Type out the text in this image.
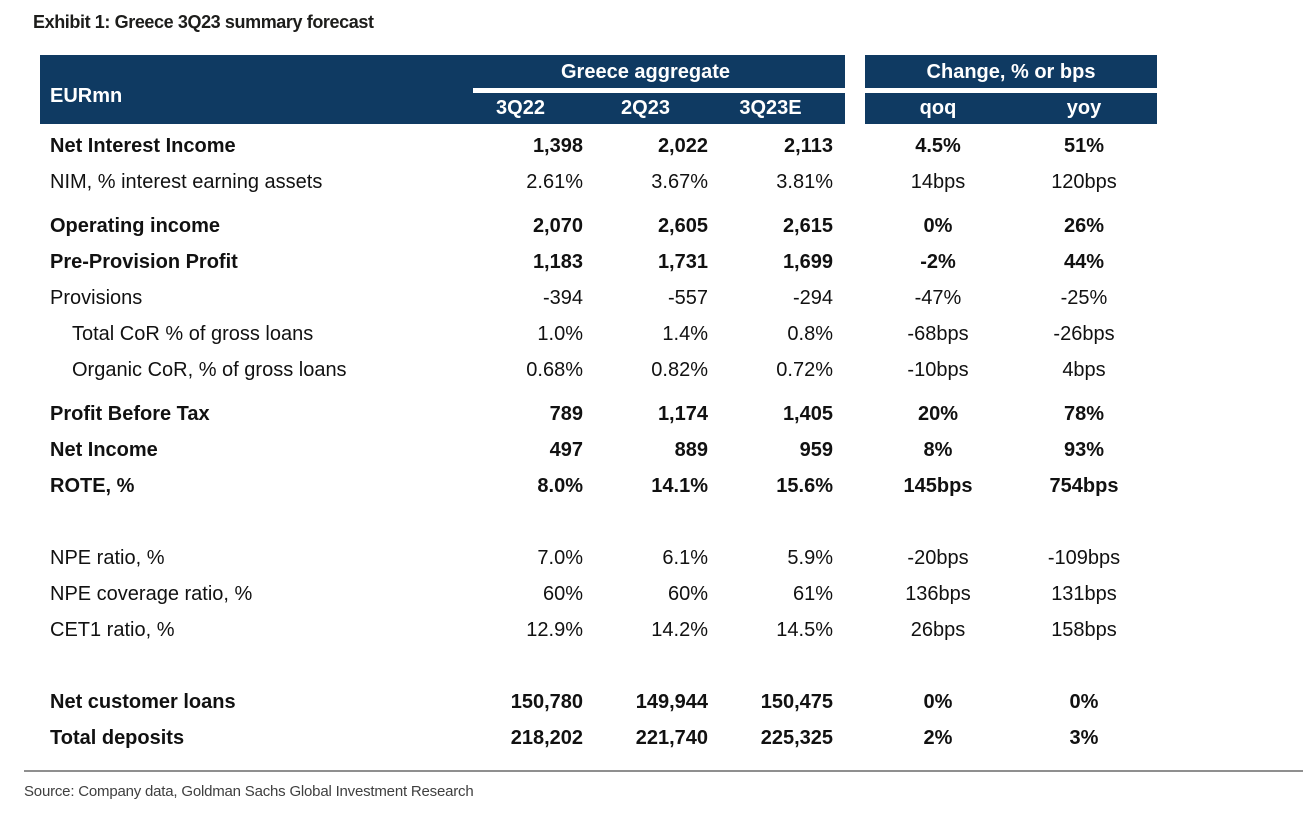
Exhibit 1: Greece 3Q23 summary forecast
EURmn
Greece aggregate
3Q22	2Q23	3Q23E
Change, % or bps
qoq	yoy
Net Interest Income	1,398	2,022	2,113	4.5%	51%
NIM, % interest earning assets	2.61%	3.67%	3.81%	14bps	120bps
Operating income	2,070	2,605	2,615	0%	26%
Pre-Provision Profit	1,183	1,731	1,699	-2%	44%
Provisions	-394	-557	-294	-47%	-25%
Total CoR % of gross loans	1.0%	1.4%	0.8%	-68bps	-26bps
Organic CoR, % of gross loans	0.68%	0.82%	0.72%	-10bps	4bps
Profit Before Tax	789	1,174	1,405	20%	78%
Net Income	497	889	959	8%	93%
ROTE, %	8.0%	14.1%	15.6%	145bps	754bps
NPE ratio, %	7.0%	6.1%	5.9%	-20bps	-109bps
NPE coverage ratio, %	60%	60%	61%	136bps	131bps
CET1 ratio, %	12.9%	14.2%	14.5%	26bps	158bps
Net customer loans	150,780	149,944	150,475	0%	0%
Total deposits	218,202	221,740	225,325	2%	3%
Source: Company data, Goldman Sachs Global Investment Research
